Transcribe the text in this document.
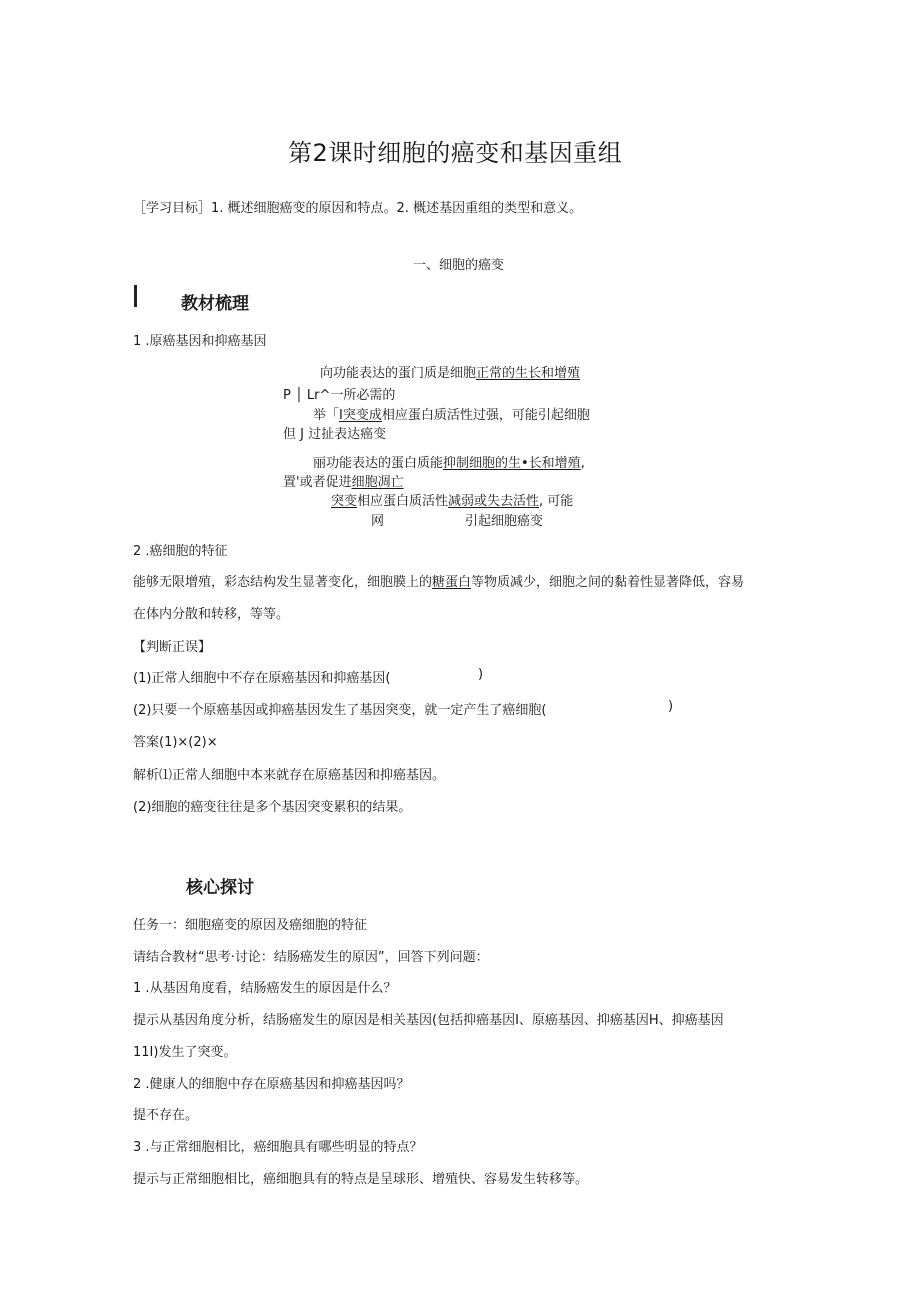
第2课时细胞的癌变和基因重组
［学习目标］1. 概述细胞癌变的原因和特点。2. 概述基因重组的类型和意义。
一、细胞的癌变
教材梳理
1 .原癌基因和抑癌基因
向功能表达的蛋门质是细胞正常的生长和增殖
P │ Lr^一所必需的
举「I突变成相应蛋白质活性过强，可能引起细胞
但 J 过扯表达癌变
丽功能表达的蛋白质能抑制细胞的生•长和增殖,
置'或者促进细胞凋亡
突变相应蛋白质活性减弱或失去活性, 可能
网	引起细胞癌变
2 .癌细胞的特征
能够无限增殖，彩态结构发生显著变化，细胞膜上的糖蛋白等物质减少，细胞之间的黏着性显著降低，容易
在体内分散和转移，等等。
【判断正误】
(1)正常人细胞中不存在原癌基因和抑癌基因(	)
(2)只要一个原癌基因或抑癌基因发生了基因突变，就一定产生了癌细胞(	)
答案(1)×(2)×
解析⑴正常人细胞中本来就存在原癌基因和抑癌基因。
(2)细胞的癌变往往是多个基因突变累积的结果。
核心探讨
任务一：细胞癌变的原因及癌细胞的特征
请结合教材“思考·讨论：结肠癌发生的原因”，回答下列问题：
1 .从基因角度看，结肠癌发生的原因是什么？
提示从基因角度分析，结肠癌发生的原因是相关基因(包括抑癌基因I、原癌基因、抑癌基因H、抑癌基因
11I)发生了突变。
2 .健康人的细胞中存在原癌基因和抑癌基因吗？
提不存在。
3 .与正常细胞相比，癌细胞具有哪些明显的特点？
提示与正常细胞相比，癌细胞具有的特点是呈球形、增殖快、容易发生转移等。
